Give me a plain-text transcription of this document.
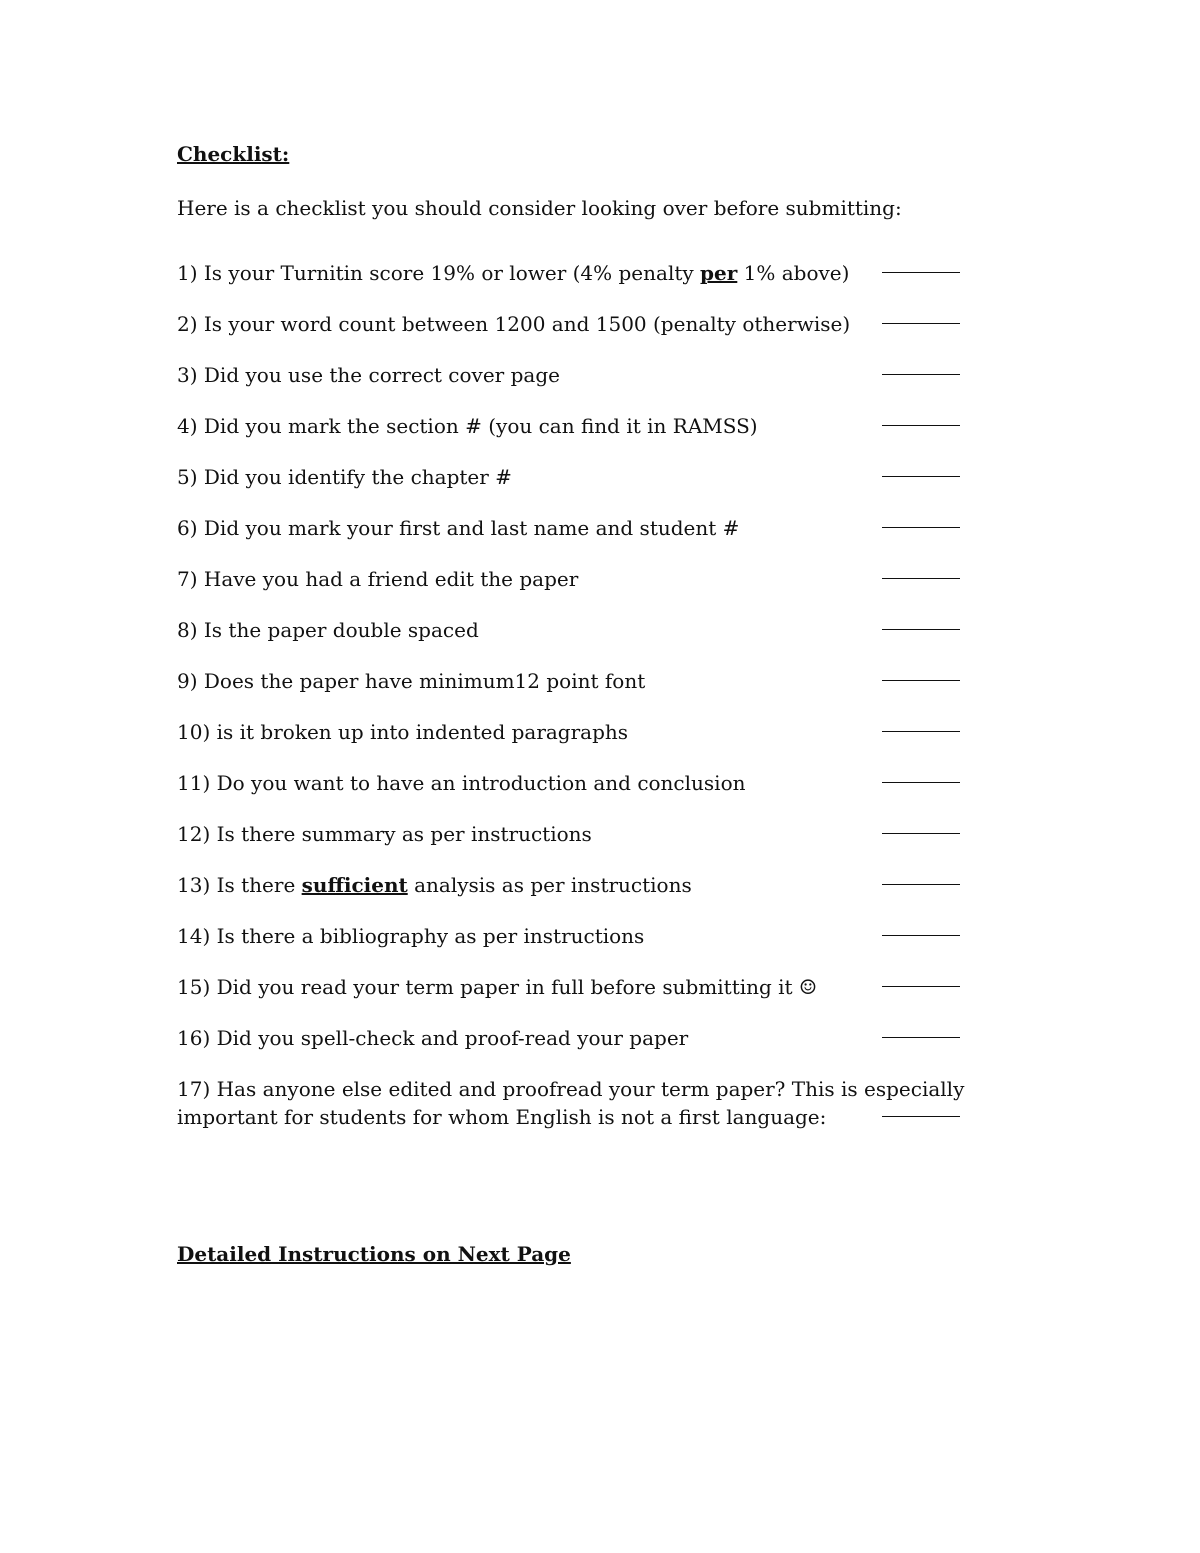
Checklist:
Here is a checklist you should consider looking over before submitting:
1) Is your Turnitin score 19% or lower (4% penalty per 1% above)
2) Is your word count between 1200 and 1500 (penalty otherwise)
3) Did you use the correct cover page
4) Did you mark the section # (you can find it in RAMSS)
5) Did you identify the chapter #
6) Did you mark your first and last name and student #
7) Have you had a friend edit the paper
8) Is the paper double spaced
9) Does the paper have minimum12 point font
10) is it broken up into indented paragraphs
11) Do you want to have an introduction and conclusion
12) Is there summary as per instructions
13) Is there sufficient analysis as per instructions
14) Is there a bibliography as per instructions
15) Did you read your term paper in full before submitting it ☺
16) Did you spell-check and proof-read your paper
17) Has anyone else edited and proofread your term paper? This is especially important for students for whom English is not a first language:
Detailed Instructions on Next Page
